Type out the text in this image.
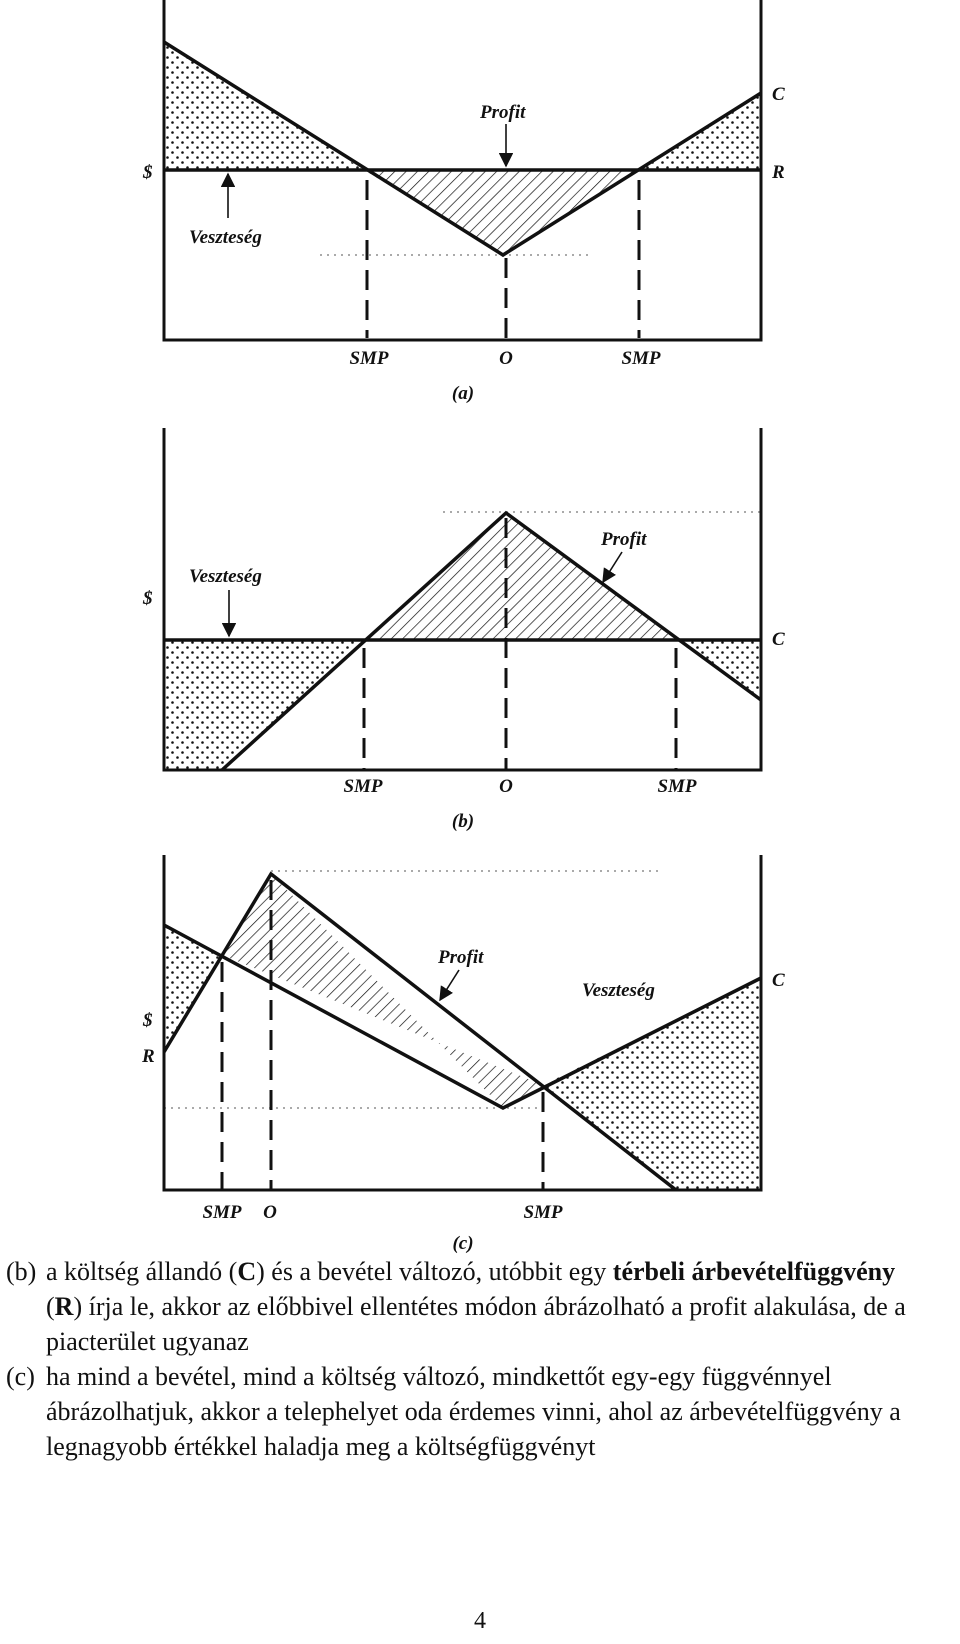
Profit
Veszteség
$
C
R
SMP	O	SMP
(a)
Profit
Veszteség
$
C
SMP	O	SMP
(b)
Profit
Veszteség
$
R
C
SMP O	SMP
(c)
(b) a költség állandó (C) és a bevétel változó, utóbbit egy térbeli árbevételfüggvény (R) írja le, akkor az előbbivel ellentétes módon ábrázolható a profit alakulása, de a piacterület ugyanaz
(c) ha mind a bevétel, mind a költség változó, mindkettőt egy-egy függvénnyel ábrázolhatjuk, akkor a telephelyet oda érdemes vinni, ahol az árbevételfüggvény a legnagyobb értékkel haladja meg a költségfüggvényt
4
